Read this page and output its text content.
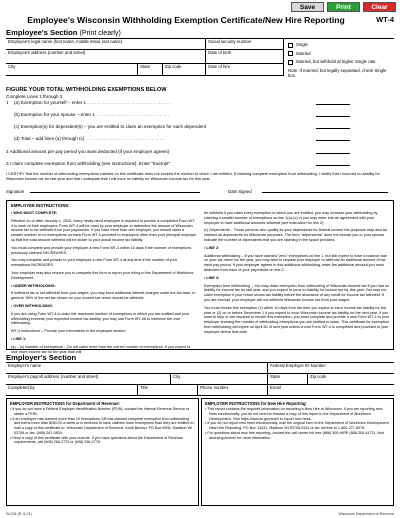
Save	Print	Clear
Employee's Wisconsin Withholding Exemption Certificate/New Hire Reporting	WT-4
Employee's Section (Print clearly)
Employee's legal name (first name, middle initial, last name)	Social security number
Employee's address (number and street)	Date of birth
City	State	Zip code	Date of hire
Single
Married
Married, but withhold at higher Single rate.
Note: If married, but legally separated, check Single box.
FIGURE YOUR TOTAL WITHHOLDING EXEMPTIONS BELOW
Complete Lines 1 through 3
1	(a) Exemption for yourself – enter 1 . . . . . . . . . . . . . . . . . . . . . . . . . . . . . . . . .
(b) Exemption for your spouse – enter 1 . . . . . . . . . . . . . . . . . . . . . . . . . . . . .
(c) Exemption(s) for dependent(s) – you are entitled to claim an exemption for each dependent
(d) Total – add lines (a) through (c) . . . . . . . . . . . . . . . . . . . . . . . . . . . . . . .
2 Additional amount per pay period you want deducted (if your employer agrees)
3 I claim complete exemption from withholding (see instructions). Enter "Exempt"
I CERTIFY that the number of withholding exemptions claimed on this certificate does not exceed the number to which I am entitled. If claiming complete exemption from withholding, I certify that I incurred no liability for Wisconsin income tax for last year and that I anticipate that I will incur no liability for Wisconsin income tax for this year.
Signature	Date Signed
EMPLOYEE INSTRUCTIONS:

• WHO MUST COMPLETE:

Effective on or after January 1, 2020, every newly-hired employee is required to provide a completed Form WT-4 to each of their employers. Form WT-4 will be used by your employer to determine the amount of Wisconsin income tax to be withheld from your paychecks. If you have more than one employer, you should claim a smaller number or no exemptions on each Form WT-4 provided to employers other than your principal employer so that the total amount withheld will be closer to your actual income tax liability.

You must complete and provide your employer a new Form WT-4 within 10 days if the number of exemptions previously claimed DECREASES.

You may complete and provide to your employer a new Form WT-4 at any time if the number of your exemptions INCREASES.

Your employer may also require you to complete this form to report your hiring to the Department of Workforce Development.

• UNDER WITHHOLDING:

If sufficient tax is not withheld from your wages, you may incur additional interest charges under the tax laws. In general, 90% of the net tax shown on your income tax return should be withheld.

• OVER WITHHOLDING:

If you are using Form WT-4 to claim the maximum number of exemptions to which you are entitled and your withholding exceeds your expected income tax liability, you may use Form WT-4A to minimize the over withholding.

WT-4 Instructions – Provide your information in the employee section.

• LINE 1:

(a) – (c) Number of exemptions – Do not claim more than the correct number of exemptions. If you expect to owe more income tax for the year than will

be withheld if you claim every exemption to which you are entitled, you may increase your withholding by claiming a smaller number of exemptions on line 1(a)-(c) or you may enter into an agreement with your employer to have additional amounts withheld (see instruction for line 2).

(c) Dependents – Those persons who qualify as your dependents for federal income tax purposes may also be claimed as dependents for Wisconsin purposes. The term "dependents" does not include you or your spouse. Indicate the number of dependents that you are claiming in the space provided.

• LINE 2:

Additional withholding – If you have claimed "zero" exemptions on line 1, but still expect to have a balance due on your tax return for the year, you may wish to request your employer to withhold an additional amount of tax each pay period. If your employer agrees to this additional withholding, enter the additional amount you want deducted from each of your paychecks on line 2.

• LINE 3:

Exemption from withholding – You may claim exemption from withholding of Wisconsin income tax if you had no liability for income tax for last year, and you expect to incur no liability for income tax for this year. You may not claim exemption if your return shows tax liability before the allowance of any credit for income tax withheld. If you are exempt, your employer will not withhold Wisconsin income tax from your wages.

You must revoke this exemption (1) within 10 days from the time you expect to incur income tax liability for the year or (2) on or before December 1 if you expect to incur Wisconsin income tax liability for the next year. If you want to stop or are required to revoke this exemption, you must complete and provide a new Form WT-4 to your employer showing the number of withholding exemptions you are entitled to claim. This certificate for exemption from withholding will expire on April 30 of next year unless a new Form WT-4 is completed and provided to your employer before that date.

Employer's Section
Employer's name	Federal Employer ID Number
Employer's payroll address (number and street)	City	State	Zip code
Completed by	Title	Phone number	Email
EMPLOYER INSTRUCTIONS for Department of Revenue:
• If you do not have a Federal Employer Identification Number (FEIN), contact the Internal Revenue Service to obtain a FEIN.
• If an employee has claimed more than 10 exemptions OR has claimed complete exemption from withholding and earns more than $200.00 a week or is believed to have claimed more exemptions than they are entitled to, mail a copy of this certificate to: Wisconsin Department of Revenue, Audit Bureau, PO Box 8906, Madison WI 53708 or fax: (608) 267-0834.
• Keep a copy of this certificate with your records. If you have questions about the Department of Revenue requirements, call (608) 266-2772 or (608) 266-2776.
EMPLOYER INSTRUCTIONS for New Hire Reporting:
• This report contains the required information for reporting a New Hire to Wisconsin. If you are reporting new hires electronically, you do not need to forward a copy of this report to the Department of Workforce Development. Visit https://dwd.wi.gov/uinh/ to report new hires.
• If you do not report new hires electronically, mail the original form to the Department of Workforce Development, New Hire Reporting, PO Box 14431, Madison WI 53708-0431 or fax toll free to 1-800-277-8075.
• For questions about new hire reporting, contact the call center toll free (888) 300-HIRE (888-300-4473). Visit dwd.wi.gov/uinh/ for more information.
W-204 (R. 8-21)	Wisconsin Department of Revenue
